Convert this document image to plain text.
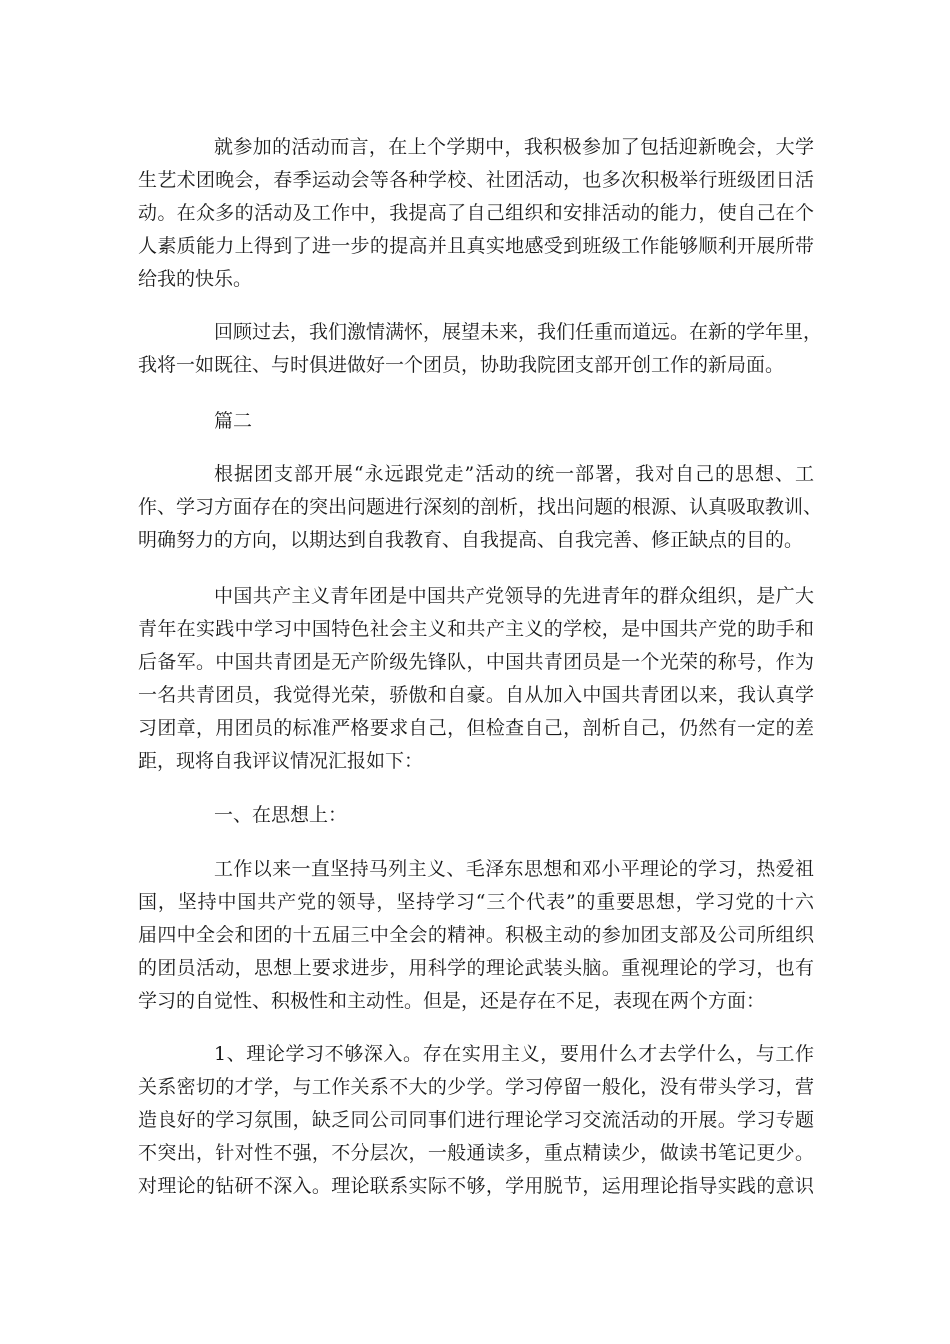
就参加的活动而言，在上个学期中，我积极参加了包括迎新晚会，大学
生艺术团晚会，春季运动会等各种学校、社团活动，也多次积极举行班级团日活
动。在众多的活动及工作中，我提高了自己组织和安排活动的能力，使自己在个
人素质能力上得到了进一步的提高并且真实地感受到班级工作能够顺利开展所带
给我的快乐。
回顾过去，我们激情满怀，展望未来，我们任重而道远。在新的学年里，
我将一如既往、与时俱进做好一个团员，协助我院团支部开创工作的新局面。
篇二
根据团支部开展“永远跟党走”活动的统一部署，我对自己的思想、工
作、学习方面存在的突出问题进行深刻的剖析，找出问题的根源、认真吸取教训、
明确努力的方向，以期达到自我教育、自我提高、自我完善、修正缺点的目的。
中国共产主义青年团是中国共产党领导的先进青年的群众组织，是广大
青年在实践中学习中国特色社会主义和共产主义的学校，是中国共产党的助手和
后备军。中国共青团是无产阶级先锋队，中国共青团员是一个光荣的称号，作为
一名共青团员，我觉得光荣，骄傲和自豪。自从加入中国共青团以来，我认真学
习团章，用团员的标准严格要求自己，但检查自己，剖析自己，仍然有一定的差
距，现将自我评议情况汇报如下：
一、在思想上：
工作以来一直坚持马列主义、毛泽东思想和邓小平理论的学习，热爱祖
国，坚持中国共产党的领导，坚持学习“三个代表”的重要思想，学习党的十六
届四中全会和团的十五届三中全会的精神。积极主动的参加团支部及公司所组织
的团员活动，思想上要求进步，用科学的理论武装头脑。重视理论的学习，也有
学习的自觉性、积极性和主动性。但是，还是存在不足，表现在两个方面：
1、理论学习不够深入。存在实用主义，要用什么才去学什么，与工作
关系密切的才学，与工作关系不大的少学。学习停留一般化，没有带头学习，营
造良好的学习氛围，缺乏同公司同事们进行理论学习交流活动的开展。学习专题
不突出，针对性不强，不分层次，一般通读多，重点精读少，做读书笔记更少。
对理论的钻研不深入。理论联系实际不够，学用脱节，运用理论指导实践的意识
